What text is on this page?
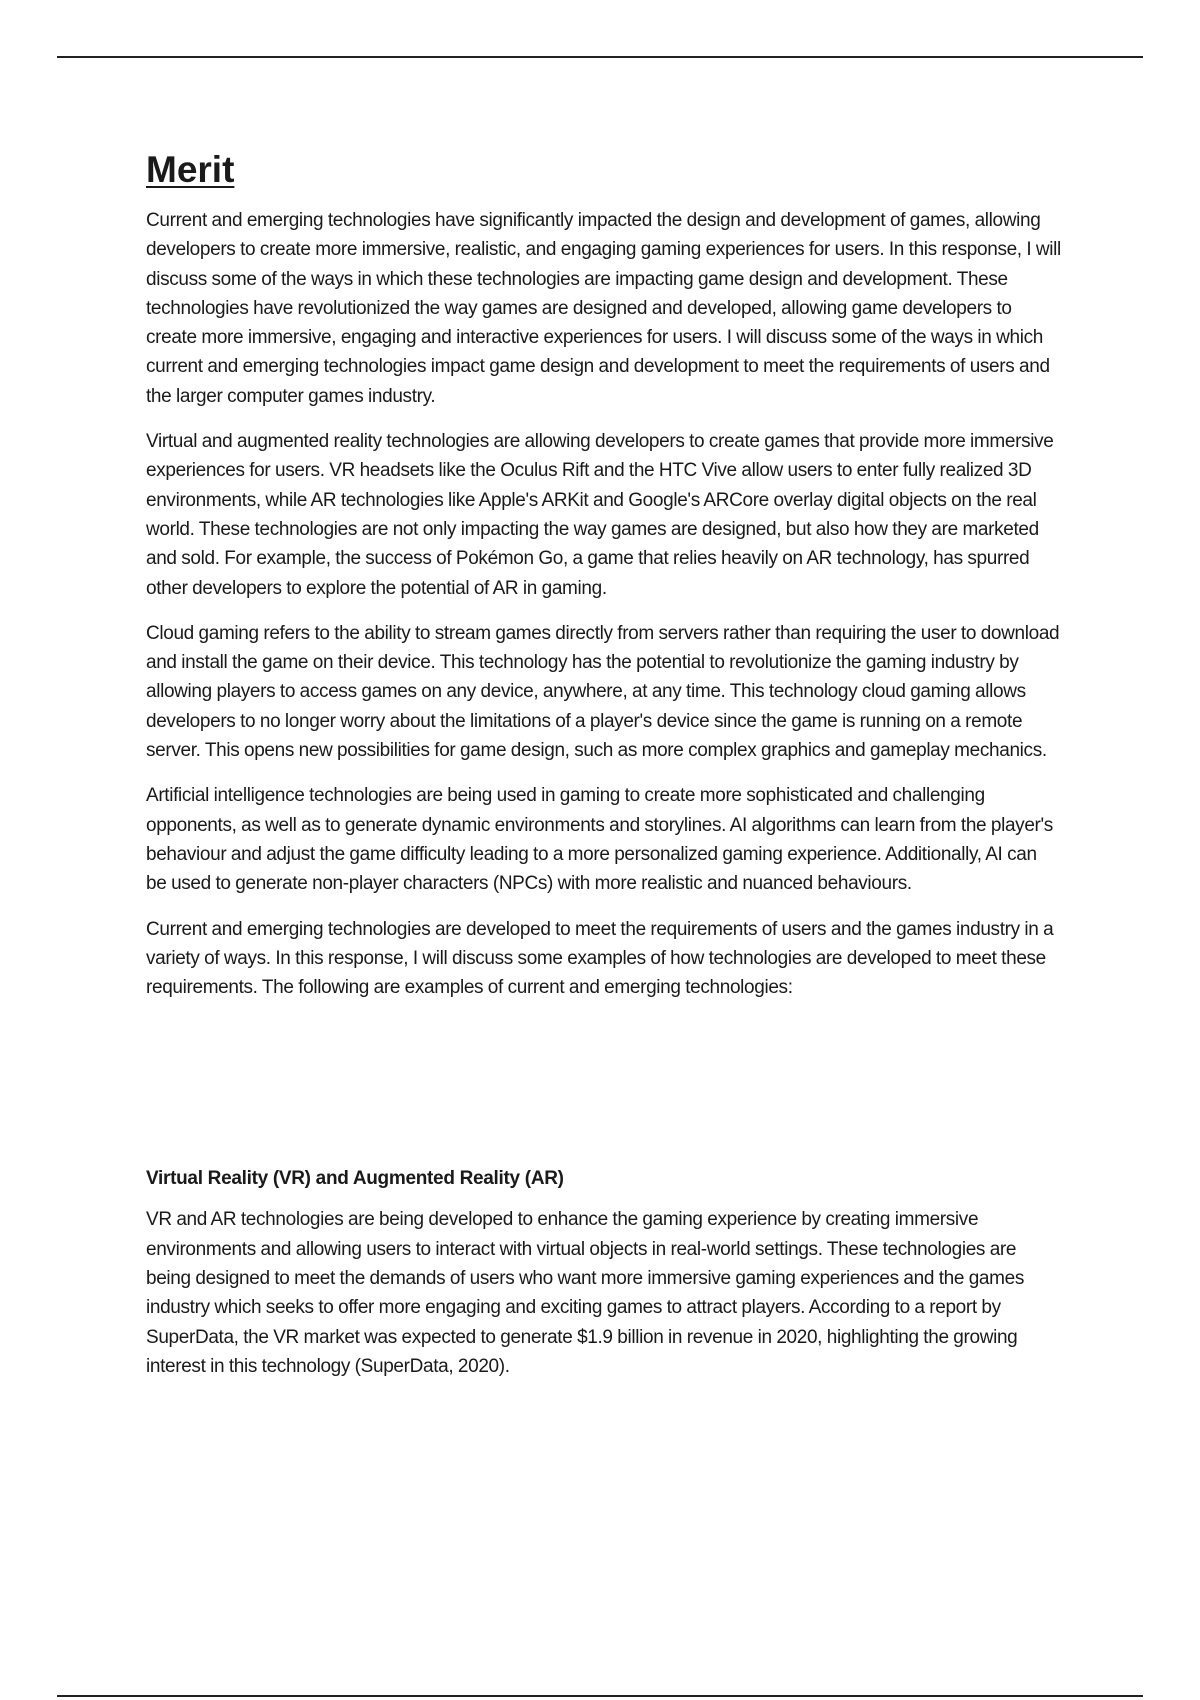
Merit

Current and emerging technologies have significantly impacted the design and development of games, allowing developers to create more immersive, realistic, and engaging gaming experiences for users. In this response, I will discuss some of the ways in which these technologies are impacting game design and development. These technologies have revolutionized the way games are designed and developed, allowing game developers to create more immersive, engaging and interactive experiences for users. I will discuss some of the ways in which current and emerging technologies impact game design and development to meet the requirements of users and the larger computer games industry.

Virtual and augmented reality technologies are allowing developers to create games that provide more immersive experiences for users. VR headsets like the Oculus Rift and the HTC Vive allow users to enter fully realized 3D environments, while AR technologies like Apple's ARKit and Google's ARCore overlay digital objects on the real world. These technologies are not only impacting the way games are designed, but also how they are marketed and sold. For example, the success of Pokémon Go, a game that relies heavily on AR technology, has spurred other developers to explore the potential of AR in gaming.

Cloud gaming refers to the ability to stream games directly from servers rather than requiring the user to download and install the game on their device. This technology has the potential to revolutionize the gaming industry by allowing players to access games on any device, anywhere, at any time. This technology cloud gaming allows developers to no longer worry about the limitations of a player's device since the game is running on a remote server. This opens new possibilities for game design, such as more complex graphics and gameplay mechanics.

Artificial intelligence technologies are being used in gaming to create more sophisticated and challenging opponents, as well as to generate dynamic environments and storylines. AI algorithms can learn from the player's behaviour and adjust the game difficulty leading to a more personalized gaming experience. Additionally, AI can be used to generate non-player characters (NPCs) with more realistic and nuanced behaviours.

Current and emerging technologies are developed to meet the requirements of users and the games industry in a variety of ways. In this response, I will discuss some examples of how technologies are developed to meet these requirements. The following are examples of current and emerging technologies:

Virtual Reality (VR) and Augmented Reality (AR)

VR and AR technologies are being developed to enhance the gaming experience by creating immersive environments and allowing users to interact with virtual objects in real-world settings. These technologies are being designed to meet the demands of users who want more immersive gaming experiences and the games industry which seeks to offer more engaging and exciting games to attract players. According to a report by SuperData, the VR market was expected to generate $1.9 billion in revenue in 2020, highlighting the growing interest in this technology (SuperData, 2020).
